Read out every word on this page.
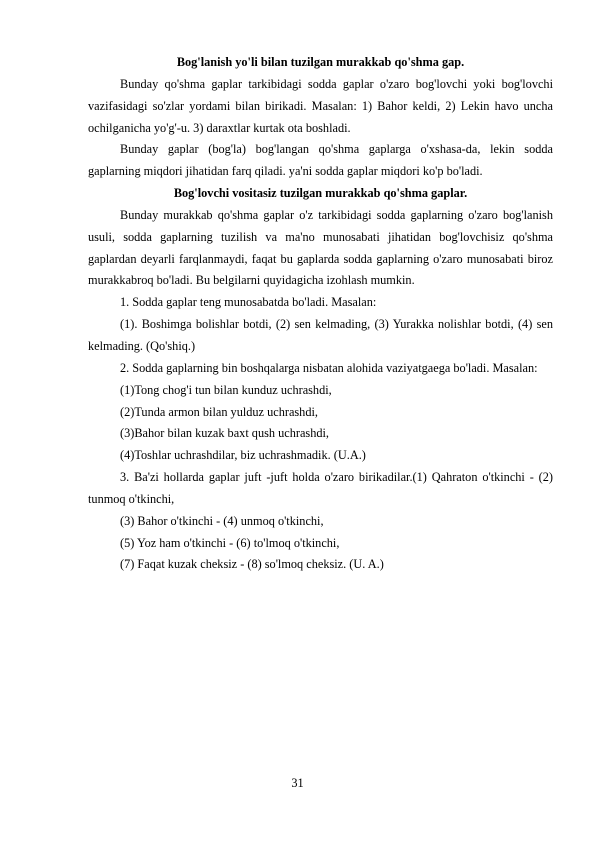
Bog'lanish yo'li bilan tuzilgan murakkab qo'shma gap.

Bunday qo'shma gaplar tarkibidagi sodda gaplar o'zaro bog'lovchi yoki bog'lovchi vazifasidagi so'zlar yordami bilan birikadi. Masalan: 1) Bahor keldi, 2) Lekin havo uncha ochilganicha yo'g'-u. 3) daraxtlar kurtak ota boshladi.

Bunday gaplar (bog'la) bog'langan qo'shma gaplarga o'xshasa-da, lekin sodda gaplarning miqdori jihatidan farq qiladi. ya'ni sodda gaplar miqdori ko'p bo'ladi.

Bog'lovchi vositasiz tuzilgan murakkab qo'shma gaplar.

Bunday murakkab qo'shma gaplar o'z tarkibidagi sodda gaplarning o'zaro bog'lanish usuli, sodda gaplarning tuzilish va ma'no munosabati jihatidan bog'lovchisiz qo'shma gaplardan deyarli farqlanmaydi, faqat bu gaplarda sodda gaplarning o'zaro munosabati biroz murakkabroq bo'ladi. Bu belgilarni quyidagicha izohlash mumkin.

1. Sodda gaplar teng munosabatda bo'ladi. Masalan:

(1). Boshimga bolishlar botdi, (2) sen kelmading, (3) Yurakka nolishlar botdi, (4) sen kelmading. (Qo'shiq.)

2. Sodda gaplarning bin boshqalarga nisbatan alohida vaziyatgaega bo'ladi. Masalan:

(1)Tong chog'i tun bilan kunduz uchrashdi,

(2)Tunda armon bilan yulduz uchrashdi,

(3)Bahor bilan kuzak baxt qush uchrashdi,

(4)Toshlar uchrashdilar, biz uchrashmadik. (U.A.)

3. Ba'zi hollarda gaplar juft -juft holda o'zaro birikadilar.(1) Qahraton o'tkinchi - (2) tunmoq o'tkinchi,

(3) Bahor o'tkinchi - (4) unmoq o'tkinchi,

(5) Yoz ham o'tkinchi - (6) to'lmoq o'tkinchi,

(7) Faqat kuzak cheksiz - (8) so'lmoq cheksiz. (U. A.)

31
